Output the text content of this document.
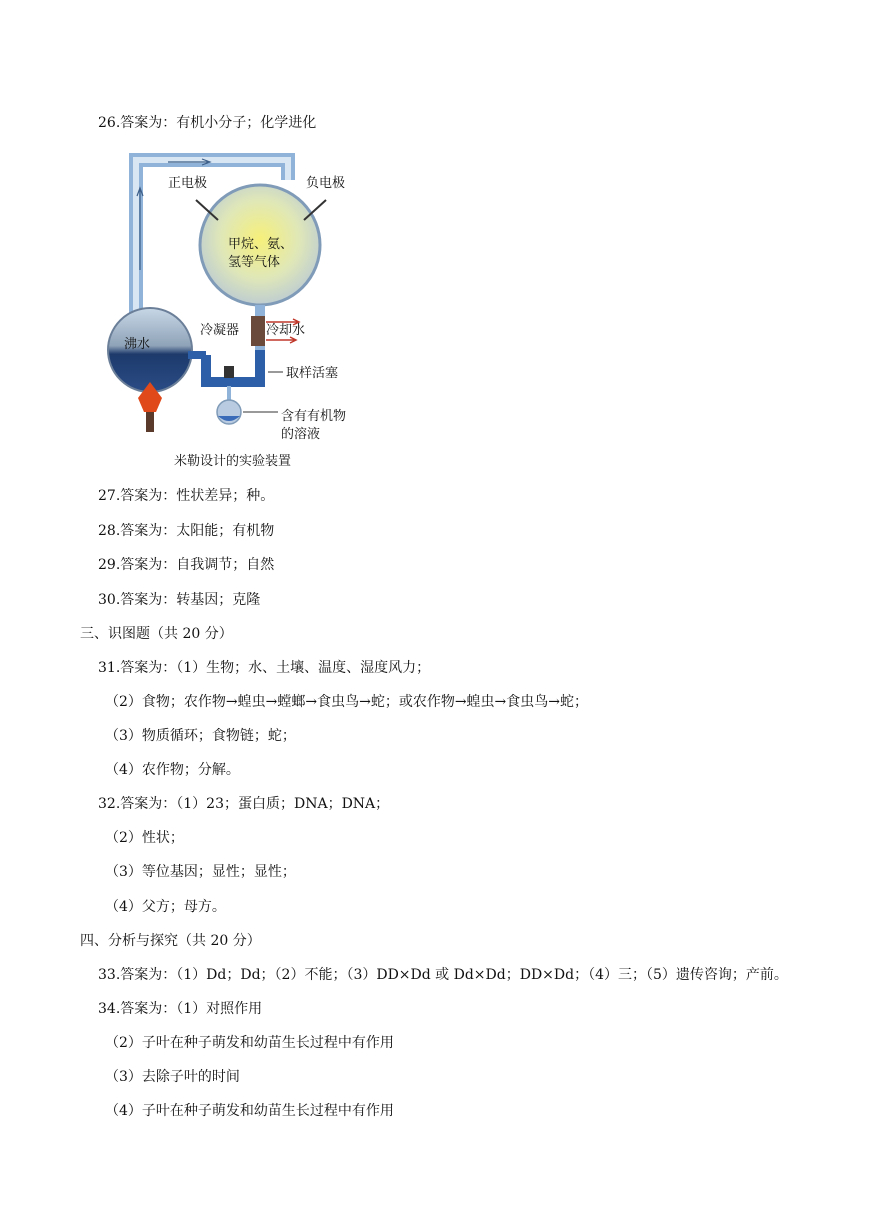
26.答案为：有机小分子；化学进化
正电极	负电极
甲烷、氨、
氢等气体
冷凝器 冷却水
沸水
取样活塞
含有有机物
的溶液
米勒设计的实验装置
27.答案为：性状差异；种。
28.答案为：太阳能；有机物
29.答案为：自我调节；自然
30.答案为：转基因；克隆
三、识图题（共 20 分）
31.答案为：（1）生物；水、土壤、温度、湿度风力；
（2）食物；农作物→蝗虫→螳螂→食虫鸟→蛇；或农作物→蝗虫→食虫鸟→蛇；
（3）物质循环；食物链；蛇；
（4）农作物；分解。
32.答案为：（1）23；蛋白质；DNA；DNA；
（2）性状；
（3）等位基因；显性；显性；
（4）父方；母方。
四、分析与探究（共 20 分）
33.答案为：（1）Dd；Dd；（2）不能；（3）DD×Dd 或 Dd×Dd；DD×Dd；（4）三；（5）遗传咨询；产前。
34.答案为：（1）对照作用
（2）子叶在种子萌发和幼苗生长过程中有作用
（3）去除子叶的时间
（4）子叶在种子萌发和幼苗生长过程中有作用
